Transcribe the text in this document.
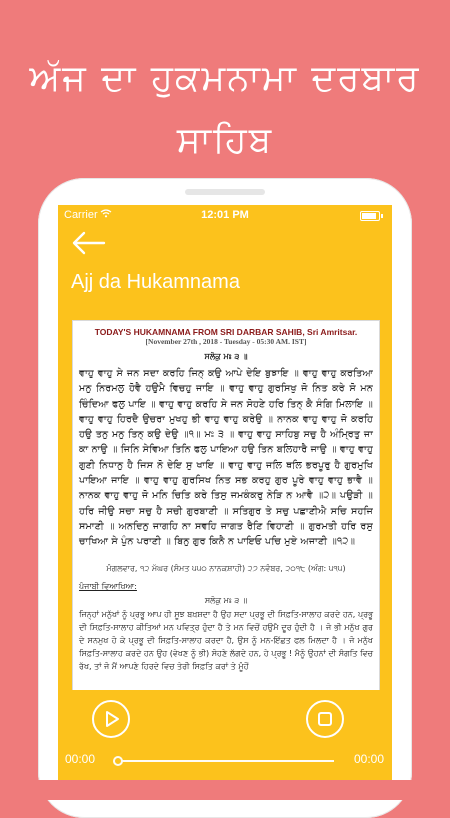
ਅੱਜ ਦਾ ਹੁਕਮਨਾਮਾ ਦਰਬਾਰ
ਸਾਹਿਬ
Carrier	12:01 PM
Ajj da Hukamnama
TODAY'S HUKAMNAMA FROM SRI DARBAR SAHIB, Sri Amritsar.
[November 27th , 2018 - Tuesday - 05:30 AM. IST]
ਸਲੋਕੁ ਮਃ ੩ ॥
ਵਾਹੁ ਵਾਹੁ ਸੇ ਜਨ ਸਦਾ ਕਰਹਿ ਜਿਨ੍ ਕਉ ਆਪੇ ਦੇਇ ਬੁਝਾਇ ॥ ਵਾਹੁ ਵਾਹੁ ਕਰਤਿਆ ਮਨੁ ਨਿਰਮਲੁ ਹੋਵੈ ਹਉਮੈ ਵਿਚਹੁ ਜਾਇ ॥ ਵਾਹੁ ਵਾਹੁ ਗੁਰਸਿਖੁ ਜੋ ਨਿਤ ਕਰੇ ਸੋ ਮਨ ਚਿੰਦਿਆ ਫਲੁ ਪਾਇ ॥ ਵਾਹੁ ਵਾਹੁ ਕਰਹਿ ਸੇ ਜਨ ਸੋਹਣੇ ਹਰਿ ਤਿਨ੍ ਕੈ ਸੰਗਿ ਮਿਲਾਇ ॥ ਵਾਹੁ ਵਾਹੁ ਹਿਰਦੈ ਉਚਰਾ ਮੁਖਹੁ ਭੀ ਵਾਹੁ ਵਾਹੁ ਕਰੇਉ ॥ ਨਾਨਕ ਵਾਹੁ ਵਾਹੁ ਜੋ ਕਰਹਿ ਹਉ ਤਨੁ ਮਨੁ ਤਿਨ੍ ਕਉ ਦੇਉ ॥੧॥ ਮਃ ੩ ॥ ਵਾਹੁ ਵਾਹੁ ਸਾਹਿਬੁ ਸਚੁ ਹੈ ਅੰਮ੍ਰਿਤੁ ਜਾ ਕਾ ਨਾਉ ॥ ਜਿਨਿ ਸੇਵਿਆ ਤਿਨਿ ਫਲੁ ਪਾਇਆ ਹਉ ਤਿਨ ਬਲਿਹਾਰੈ ਜਾਉ ॥ ਵਾਹੁ ਵਾਹੁ ਗੁਣੀ ਨਿਧਾਨੁ ਹੈ ਜਿਸ ਨੋ ਦੇਇ ਸੁ ਖਾਇ ॥ ਵਾਹੁ ਵਾਹੁ ਜਲਿ ਥਲਿ ਭਰਪੂਰੁ ਹੈ ਗੁਰਮੁਖਿ ਪਾਇਆ ਜਾਇ ॥ ਵਾਹੁ ਵਾਹੁ ਗੁਰਸਿਖ ਨਿਤ ਸਭ ਕਰਹੁ ਗੁਰ ਪੂਰੇ ਵਾਹੁ ਵਾਹੁ ਭਾਵੈ ॥ ਨਾਨਕ ਵਾਹੁ ਵਾਹੁ ਜੋ ਮਨਿ ਚਿਤਿ ਕਰੇ ਤਿਸੁ ਜਮਕੰਕਰੁ ਨੇੜਿ ਨ ਆਵੈ ॥੨॥ ਪਉੜੀ ॥ ਹਰਿ ਜੀਉ ਸਚਾ ਸਚੁ ਹੈ ਸਚੀ ਗੁਰਬਾਣੀ ॥ ਸਤਿਗੁਰ ਤੇ ਸਚੁ ਪਛਾਣੀਐ ਸਚਿ ਸਹਜਿ ਸਮਾਣੀ ॥ ਅਨਦਿਨੁ ਜਾਗਹਿ ਨਾ ਸਵਹਿ ਜਾਗਤ ਰੈਣਿ ਵਿਹਾਣੀ ॥ ਗੁਰਮਤੀ ਹਰਿ ਰਸੁ ਚਾਖਿਆ ਸੇ ਪੁੰਨ ਪਰਾਣੀ ॥ ਬਿਨੁ ਗੁਰ ਕਿਨੈ ਨ ਪਾਇਓ ਪਚਿ ਮੁਏ ਅਜਾਣੀ ॥੧੨॥
ਮੰਗਲਵਾਰ, ੧੨ ਮੱਘਰ (ਸੰਮਤ ੫੫੦ ਨਾਨਕਸ਼ਾਹੀ) ੨੭ ਨਵੰਬਰ, ੨੦੧੮ (ਅੰਗ: ੫੧੫)
ਪੰਜਾਬੀ ਵਿਆਖਿਆ:
ਸਲੋਕੁ ਮਃ ੩ ॥
ਜਿਨ੍ਹਾਂ ਮਨੁੱਖਾਂ ਨੂੰ ਪ੍ਰਭੂ ਆਪ ਹੀ ਸੂਝ ਬਖ਼ਸ਼ਦਾ ਹੈ ਉਹ ਸਦਾ ਪ੍ਰਭੂ ਦੀ ਸਿਫ਼ਤਿ-ਸਾਲਾਹ ਕਰਦੇ ਹਨ, ਪ੍ਰਭੂ ਦੀ ਸਿਫ਼ਤਿ-ਸਾਲਾਹ ਕੀਤਿਆਂ ਮਨ ਪਵਿਤ੍ਰ ਹੁੰਦਾ ਹੈ ਤੇ ਮਨ ਵਿਚੋਂ ਹਉਮੈ ਦੂਰ ਹੁੰਦੀ ਹੈ । ਜੋ ਭੀ ਮਨੁੱਖ ਗੁਰ ਦੇ ਸਨਮੁਖ ਹੋ ਕੇ ਪ੍ਰਭੂ ਦੀ ਸਿਫ਼ਤਿ-ਸਾਲਾਹ ਕਰਦਾ ਹੈ, ਉਸ ਨੂੰ ਮਨ-ਇੱਛਤ ਫਲ ਮਿਲਦਾ ਹੈ । ਜੋ ਮਨੁੱਖ ਸਿਫ਼ਤਿ-ਸਾਲਾਹ ਕਰਦੇ ਹਨ ਉਹ (ਵੇਖਣ ਨੂੰ ਭੀ) ਸੋਹਣੇ ਲੱਗਦੇ ਹਨ, ਹੇ ਪ੍ਰਭੂ ! ਮੈਨੂੰ ਉਹਨਾਂ ਦੀ ਸੰਗਤਿ ਵਿਚ ਰੱਖ, ਤਾਂ ਜੋ ਮੈਂ ਆਪਣੇ ਹਿਰਦੇ ਵਿਚ ਤੇਰੀ ਸਿਫ਼ਤਿ ਕਰਾਂ ਤੇ ਮੂੰਹੋਂ
00:00	00:00
